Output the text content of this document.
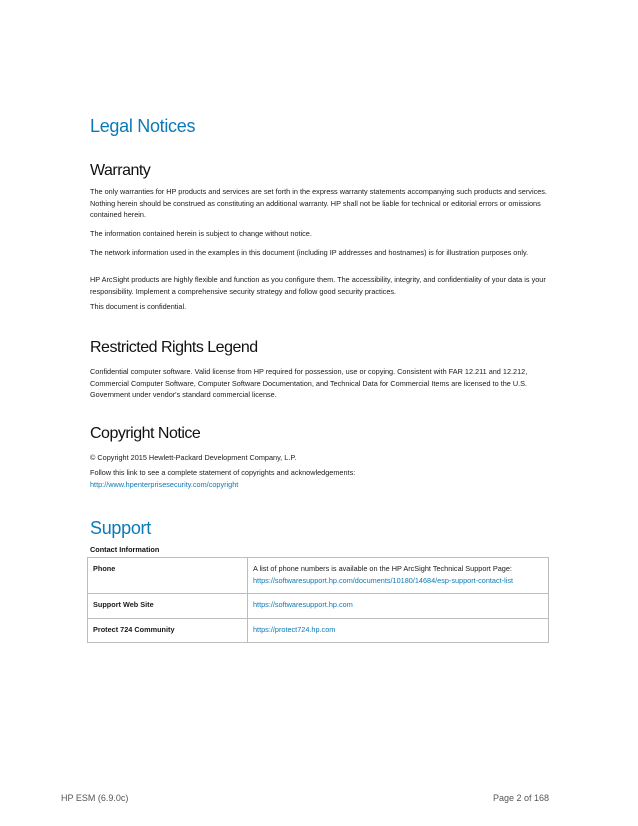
Legal Notices
Warranty

The only warranties for HP products and services are set forth in the express warranty statements accompanying such products and services. Nothing herein should be construed as constituting an additional warranty. HP shall not be liable for technical or editorial errors or omissions contained herein.

The information contained herein is subject to change without notice.

The network information used in the examples in this document (including IP addresses and hostnames) is for illustration purposes only.

HP ArcSight products are highly flexible and function as you configure them. The accessibility, integrity, and confidentiality of your data is your responsibility. Implement a comprehensive security strategy and follow good security practices.

This document is confidential.

Restricted Rights Legend

Confidential computer software. Valid license from HP required for possession, use or copying. Consistent with FAR 12.211 and 12.212, Commercial Computer Software, Computer Software Documentation, and Technical Data for Commercial Items are licensed to the U.S. Government under vendor's standard commercial license.

Copyright Notice

© Copyright 2015 Hewlett-Packard Development Company, L.P.

Follow this link to see a complete statement of copyrights and acknowledgements:
http://www.hpenterprisesecurity.com/copyright

Support

Contact Information

Phone	A list of phone numbers is available on the HP ArcSight Technical Support Page: https://softwaresupport.hp.com/documents/10180/14684/esp-support-contact-list
Support Web Site	https://softwaresupport.hp.com
Protect 724 Community	https://protect724.hp.com
HP ESM (6.9.0c)	Page 2 of 168
